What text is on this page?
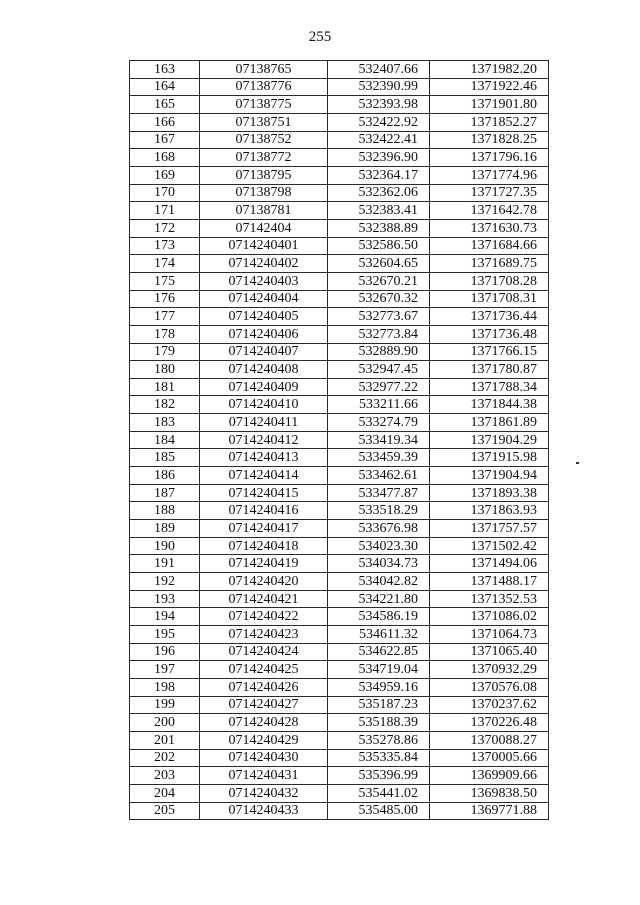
255
163	07138765	532407.66	1371982.20
164	07138776	532390.99	1371922.46
165	07138775	532393.98	1371901.80
166	07138751	532422.92	1371852.27
167	07138752	532422.41	1371828.25
168	07138772	532396.90	1371796.16
169	07138795	532364.17	1371774.96
170	07138798	532362.06	1371727.35
171	07138781	532383.41	1371642.78
172	07142404	532388.89	1371630.73
173	0714240401	532586.50	1371684.66
174	0714240402	532604.65	1371689.75
175	0714240403	532670.21	1371708.28
176	0714240404	532670.32	1371708.31
177	0714240405	532773.67	1371736.44
178	0714240406	532773.84	1371736.48
179	0714240407	532889.90	1371766.15
180	0714240408	532947.45	1371780.87
181	0714240409	532977.22	1371788.34
182	0714240410	533211.66	1371844.38
183	0714240411	533274.79	1371861.89
184	0714240412	533419.34	1371904.29
185	0714240413	533459.39	1371915.98
186	0714240414	533462.61	1371904.94
187	0714240415	533477.87	1371893.38
188	0714240416	533518.29	1371863.93
189	0714240417	533676.98	1371757.57
190	0714240418	534023.30	1371502.42
191	0714240419	534034.73	1371494.06
192	0714240420	534042.82	1371488.17
193	0714240421	534221.80	1371352.53
194	0714240422	534586.19	1371086.02
195	0714240423	534611.32	1371064.73
196	0714240424	534622.85	1371065.40
197	0714240425	534719.04	1370932.29
198	0714240426	534959.16	1370576.08
199	0714240427	535187.23	1370237.62
200	0714240428	535188.39	1370226.48
201	0714240429	535278.86	1370088.27
202	0714240430	535335.84	1370005.66
203	0714240431	535396.99	1369909.66
204	0714240432	535441.02	1369838.50
205	0714240433	535485.00	1369771.88
